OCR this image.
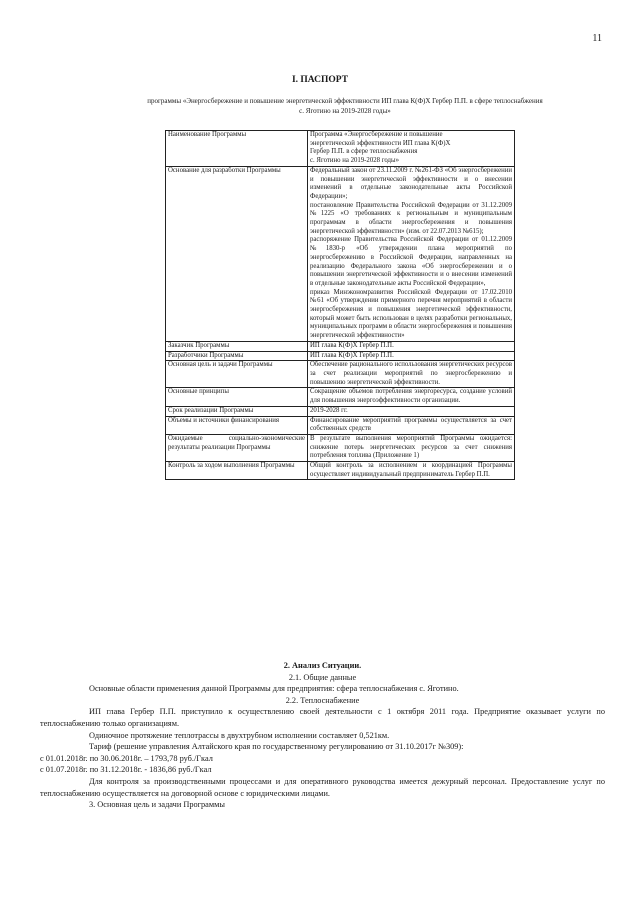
11
I. ПАСПОРТ
программы «Энергосбережение и повышение энергетической эффективности ИП глава К(Ф)Х Гербер П.П. в сфере теплоснабжения
с. Яготино на 2019-2028 годы»
Наименование Программы	Программа «Энергосбережение и повышение
энергетической эффективности ИП глава К(Ф)Х
Гербер П.П. в сфере теплоснабжения
с. Яготино на 2019-2028 годы»

Основание для разработки Программы	Федеральный закон от 23.11.2009 г. №261-ФЗ «Об энергосбережении и повышении энергетической эффективности и о внесении изменений в отдельные законодательные акты Российской Федерации»;
постановление Правительства Российской Федерации от 31.12.2009 №1225 «О требованиях к региональным и муниципальным программам в области энергосбережения и повышения энергетической эффективности» (изм. от 22.07.2013 №615);
распоряжение Правительства Российской Федерации от 01.12.2009 №1830-р «Об утверждении плана мероприятий по энергосбережению в Российской Федерации, направленных на реализацию Федерального закона «Об энергосбережении и о повышении энергетической эффективности и о внесении изменений в отдельные законодательные акты Российской Федерации»,
приказ Минэкономразвития Российской Федерации от 17.02.2010 №61 «Об утверждении примерного перечня мероприятий в области энергосбережения и повышения энергетической эффективности, который может быть использован в целях разработки региональных, муниципальных программ в области энергосбережения и повышения энергетической эффективности»

Заказчик Программы	ИП глава К(Ф)Х Гербер П.П.
Разработчики Программы	ИП глава К(Ф)Х Гербер П.П.
Основная цель и задачи Программы	Обеспечение рационального использования энергетических ресурсов за счет реализации мероприятий по энергосбережению и повышению энергетической эффективности.
Основные принципы	Сокращение объемов потребления энергоресурса, создание условий для повышения энергоэффективности организации.
Срок реализации Программы	2019-2028 гг.
Объемы и источники финансирования	Финансирование мероприятий программы осуществляется за счет собственных средств
Ожидаемые социально-экономические результаты реализации Программы	В результате выполнения мероприятий Программы ожидается: снижение потерь энергетических ресурсов за счет снижения потребления топлива (Приложение 1)
Контроль за ходом выполнения Программы	Общий контроль за исполнением и координацией Программы осуществляет индивидуальный предприниматель Гербер П.П.
2. Анализ Ситуации.
2.1. Общие данные
Основные области применения данной Программы для предприятия: сфера теплоснабжения с. Яготино.
2.2. Теплоснабжение
ИП глава Гербер П.П. приступило к осуществлению своей деятельности с 1 октября 2011 года. Предприятие оказывает услуги по теплоснабжению только организациям.
Одиночное протяжение теплотрассы в двухтрубном исполнении составляет 0,521км.
Тариф (решение управления Алтайского края по государственному регулированию от 31.10.2017г №309):
с 01.01.2018г. по 30.06.2018г. – 1793,78 руб./Гкал
с 01.07.2018г. по 31.12.2018г. - 1836,86 руб./Гкал
Для контроля за производственными процессами и для оперативного руководства имеется дежурный персонал. Предоставление услуг по теплоснабжению осуществляется на договорной основе с юридическими лицами.
3. Основная цель и задачи Программы
